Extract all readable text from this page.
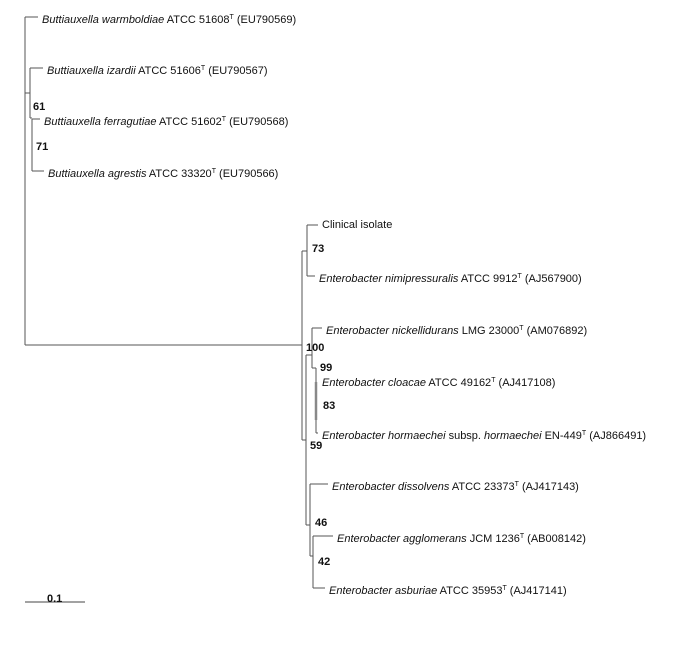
Buttiauxella warmboldiae ATCC $51608^T$ (EU790569)
Buttiauxella izardii ATCC $51606^T$ (EU790567)
Buttiauxella ferragutiae ATCC $51602^T$ (EU790568)
Buttiauxella agrestis ATCC $33320^T$ (EU790566)
Clinical isolate
Enterobacter nimipressuralis ATCC $9912^T$ (AJ567900)
Enterobacter nickellidurans LMG $23000^T$ (AM076892)
Enterobacter cloacae ATCC $49162^T$ (AJ417108)
Enterobacter hormaechei subsp. hormaechei $EN-449^T$ (AJ866491)
Enterobacter dissolvens ATCC $23373^T$ (AJ417143)
Enterobacter agglomerans JCM $1236^T$ (AB008142)
Enterobacter asburiae ATCC $35953^T$ (AJ417141)
61
71
73
100
99
83
59
46
42
0.1
